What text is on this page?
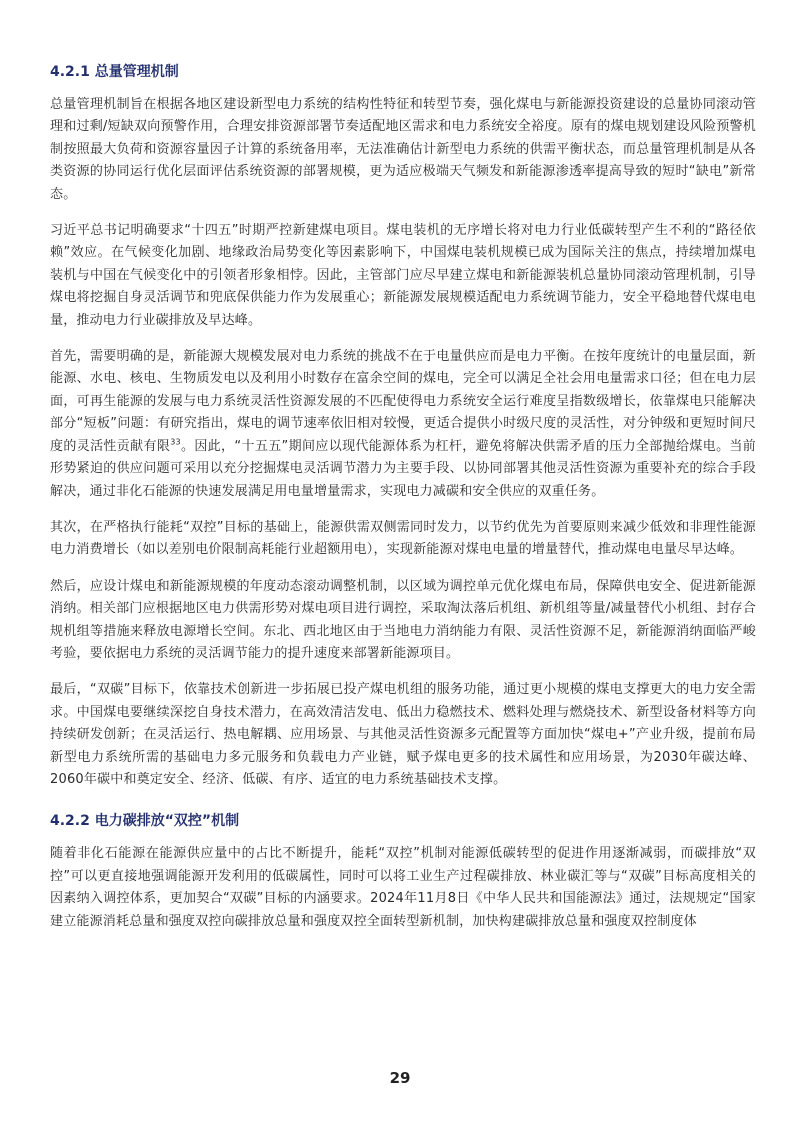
4.2.1 总量管理机制

总量管理机制旨在根据各地区建设新型电力系统的结构性特征和转型节奏，强化煤电与新能源投资建设的总量协同滚动管理和过剩/短缺双向预警作用，合理安排资源部署节奏适配地区需求和电力系统安全裕度。原有的煤电规划建设风险预警机制按照最大负荷和资源容量因子计算的系统备用率，无法准确估计新型电力系统的供需平衡状态，而总量管理机制是从各类资源的协同运行优化层面评估系统资源的部署规模，更为适应极端天气频发和新能源渗透率提高导致的短时“缺电”新常态。

习近平总书记明确要求“十四五”时期严控新建煤电项目。煤电装机的无序增长将对电力行业低碳转型产生不利的“路径依赖”效应。在气候变化加剧、地缘政治局势变化等因素影响下，中国煤电装机规模已成为国际关注的焦点，持续增加煤电装机与中国在气候变化中的引领者形象相悖。因此，主管部门应尽早建立煤电和新能源装机总量协同滚动管理机制，引导煤电将挖掘自身灵活调节和兜底保供能力作为发展重心；新能源发展规模适配电力系统调节能力，安全平稳地替代煤电电量，推动电力行业碳排放及早达峰。

首先，需要明确的是，新能源大规模发展对电力系统的挑战不在于电量供应而是电力平衡。在按年度统计的电量层面，新能源、水电、核电、生物质发电以及利用小时数存在富余空间的煤电，完全可以满足全社会用电量需求口径；但在电力层面，可再生能源的发展与电力系统灵活性资源发展的不匹配使得电力系统安全运行难度呈指数级增长，依靠煤电只能解决部分“短板”问题：有研究指出，煤电的调节速率依旧相对较慢，更适合提供小时级尺度的灵活性，对分钟级和更短时间尺度的灵活性贡献有限$^{33}$。因此，“十五五”期间应以现代能源体系为杠杆，避免将解决供需矛盾的压力全部抛给煤电。当前形势紧迫的供应问题可采用以充分挖掘煤电灵活调节潜力为主要手段、以协同部署其他灵活性资源为重要补充的综合手段解决，通过非化石能源的快速发展满足用电量增量需求，实现电力减碳和安全供应的双重任务。

其次，在严格执行能耗“双控”目标的基础上，能源供需双侧需同时发力，以节约优先为首要原则来减少低效和非理性能源电力消费增长（如以差别电价限制高耗能行业超额用电），实现新能源对煤电电量的增量替代，推动煤电电量尽早达峰。

然后，应设计煤电和新能源规模的年度动态滚动调整机制，以区域为调控单元优化煤电布局，保障供电安全、促进新能源消纳。相关部门应根据地区电力供需形势对煤电项目进行调控，采取淘汰落后机组、新机组等量/减量替代小机组、封存合规机组等措施来释放电源增长空间。东北、西北地区由于当地电力消纳能力有限、灵活性资源不足，新能源消纳面临严峻考验，要依据电力系统的灵活调节能力的提升速度来部署新能源项目。

最后，“双碳”目标下，依靠技术创新进一步拓展已投产煤电机组的服务功能，通过更小规模的煤电支撑更大的电力安全需求。中国煤电要继续深挖自身技术潜力，在高效清洁发电、低出力稳燃技术、燃料处理与燃烧技术、新型设备材料等方向持续研发创新；在灵活运行、热电解耦、应用场景、与其他灵活性资源多元配置等方面加快“煤电+”产业升级，提前布局新型电力系统所需的基础电力多元服务和负载电力产业链，赋予煤电更多的技术属性和应用场景，为2030年碳达峰、2060年碳中和奠定安全、经济、低碳、有序、适宜的电力系统基础技术支撑。

4.2.2 电力碳排放“双控”机制

随着非化石能源在能源供应量中的占比不断提升，能耗“双控”机制对能源低碳转型的促进作用逐渐减弱，而碳排放“双控”可以更直接地强调能源开发利用的低碳属性，同时可以将工业生产过程碳排放、林业碳汇等与“双碳”目标高度相关的因素纳入调控体系，更加契合“双碳”目标的内涵要求。2024年11月8日《中华人民共和国能源法》通过，法规规定“国家建立能源消耗总量和强度双控向碳排放总量和强度双控全面转型新机制，加快构建碳排放总量和强度双控制度体

29
